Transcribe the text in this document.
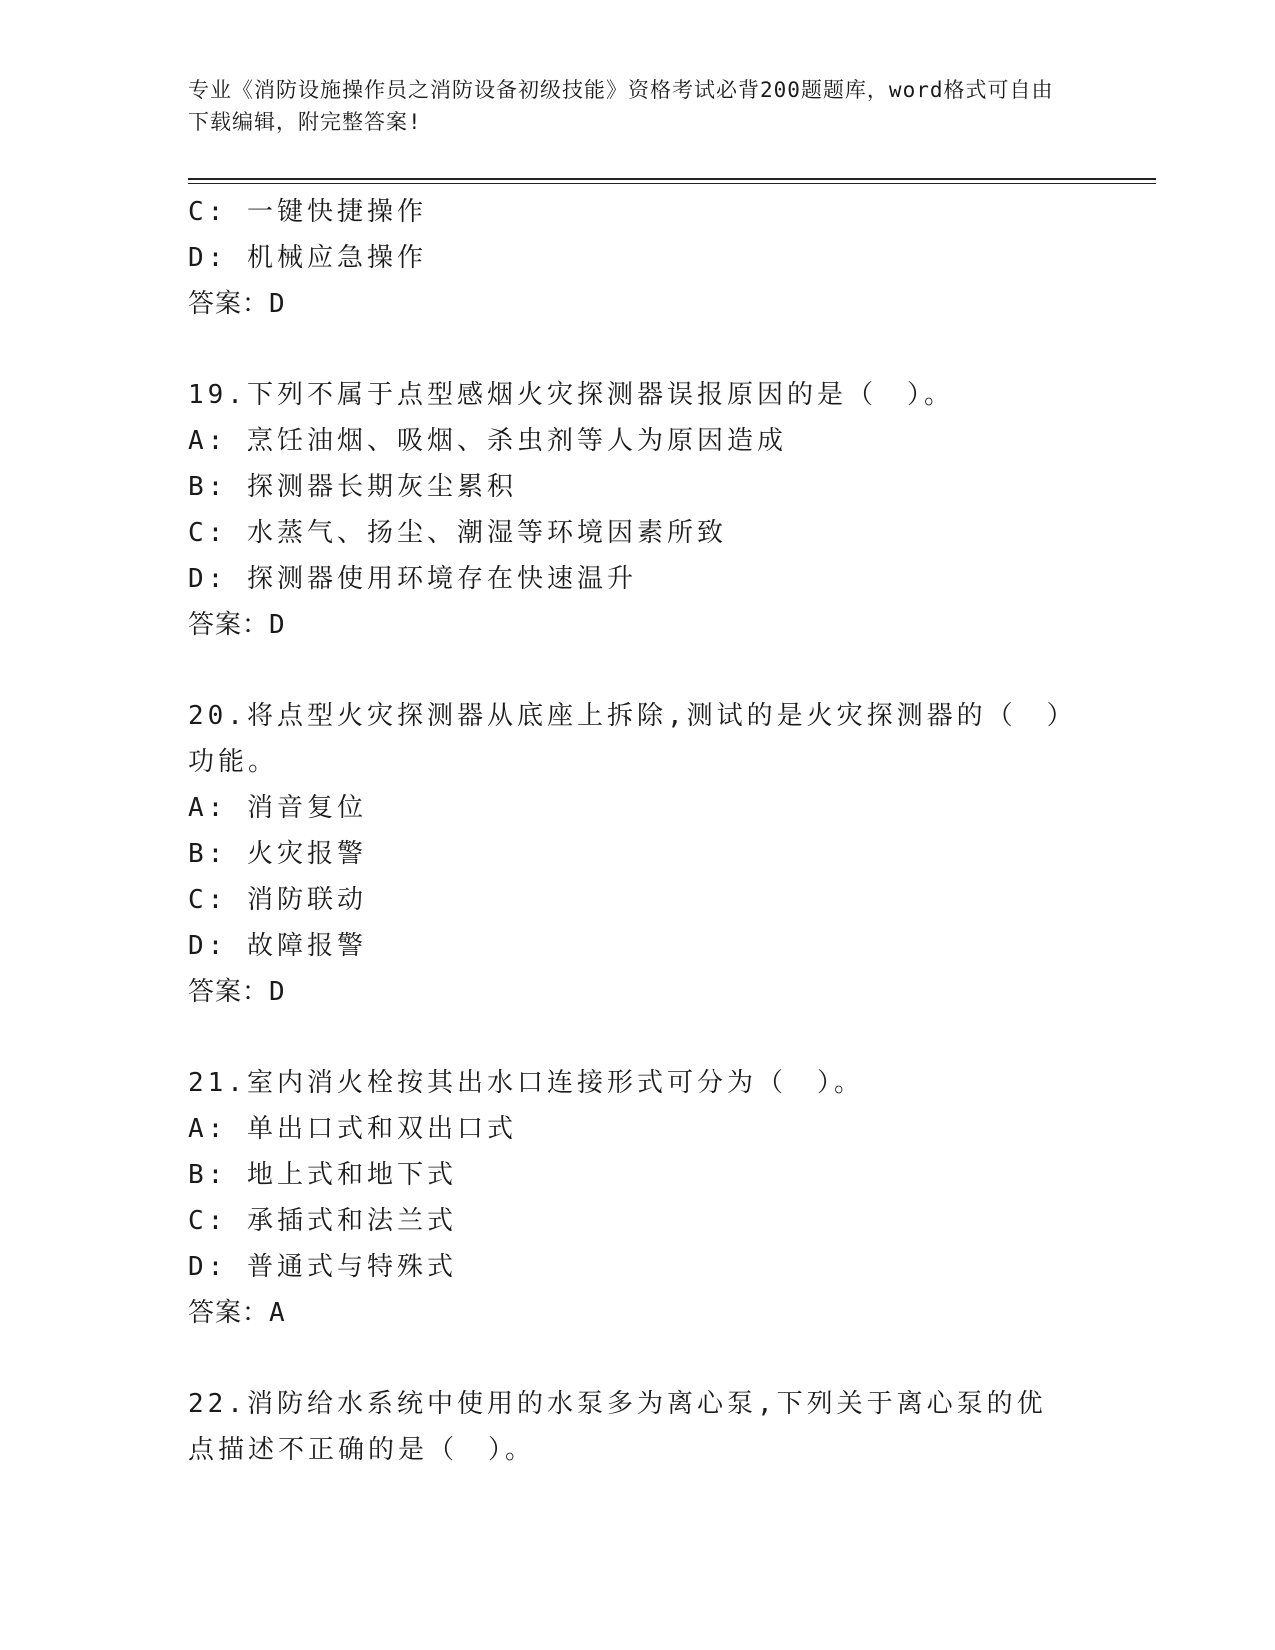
专业《消防设施操作员之消防设备初级技能》资格考试必背200题题库，word格式可自由下载编辑，附完整答案!
C: 一键快捷操作
D: 机械应急操作
答案：D
19.下列不属于点型感烟火灾探测器误报原因的是（　）。
A: 烹饪油烟、吸烟、杀虫剂等人为原因造成
B: 探测器长期灰尘累积
C: 水蒸气、扬尘、潮湿等环境因素所致
D: 探测器使用环境存在快速温升
答案：D
20.将点型火灾探测器从底座上拆除,测试的是火灾探测器的（　）功能。
A: 消音复位
B: 火灾报警
C: 消防联动
D: 故障报警
答案：D
21.室内消火栓按其出水口连接形式可分为（　）。
A: 单出口式和双出口式
B: 地上式和地下式
C: 承插式和法兰式
D: 普通式与特殊式
答案：A
22.消防给水系统中使用的水泵多为离心泵,下列关于离心泵的优点描述不正确的是（　）。
